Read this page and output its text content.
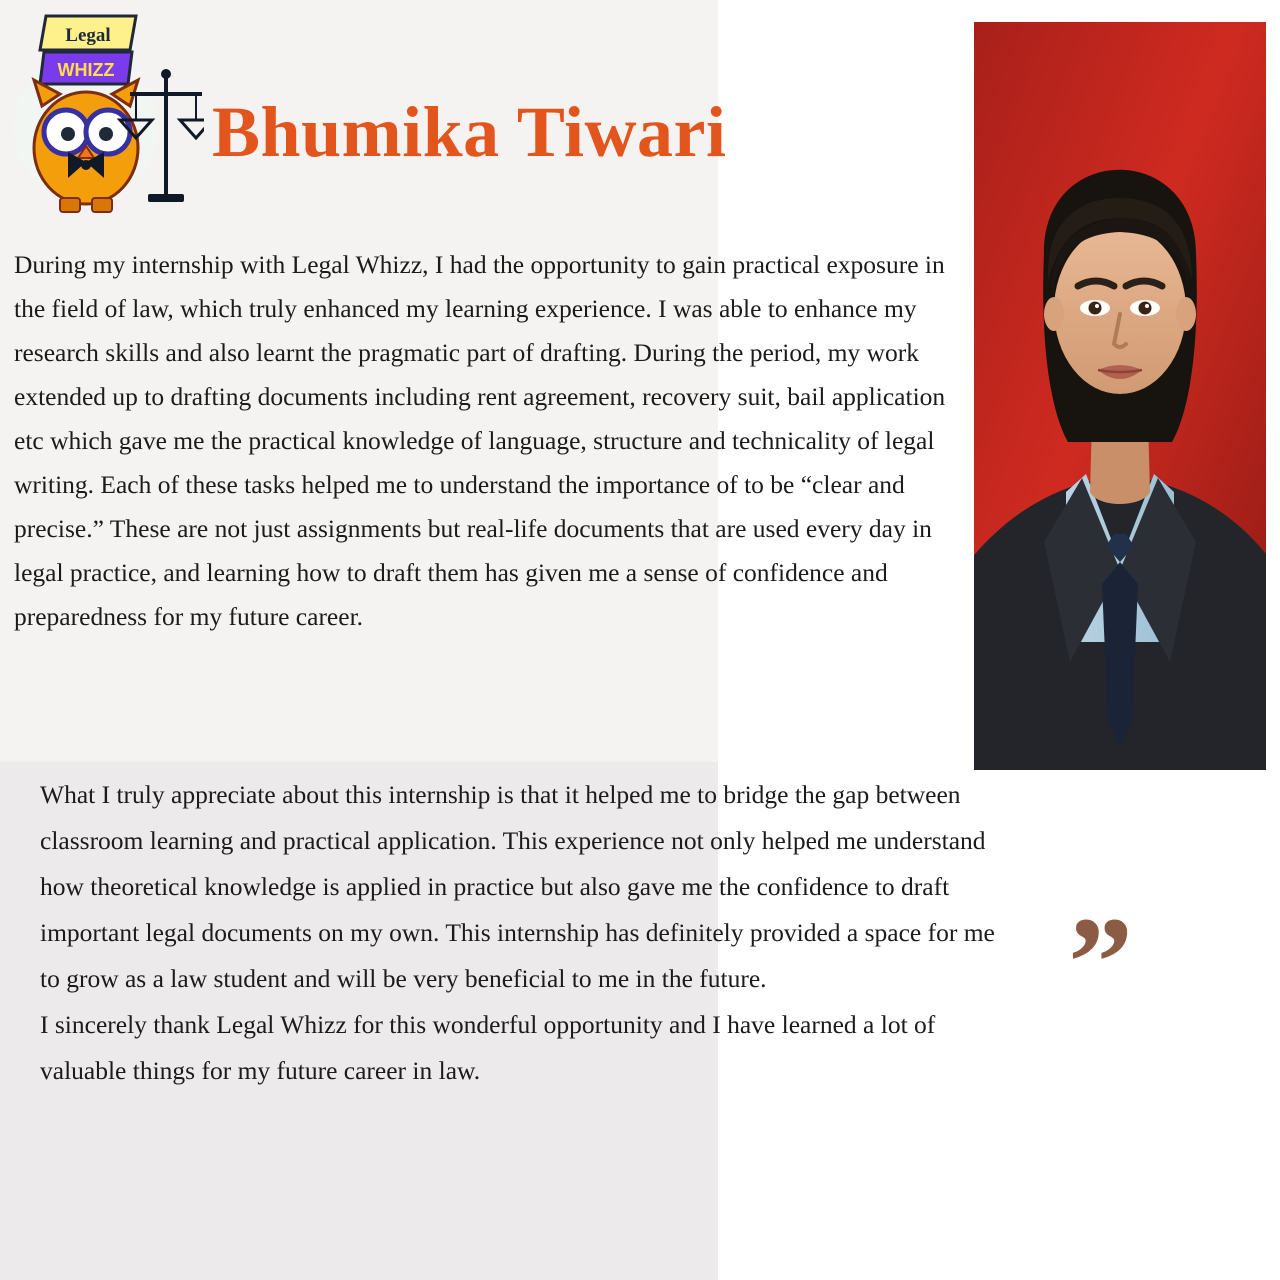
Legal
WHIZZ
Bhumika Tiwari
During my internship with Legal Whizz, I had the opportunity to gain practical exposure in the field of law, which truly enhanced my learning experience. I was able to enhance my research skills and also learnt the pragmatic part of drafting. During the period, my work extended up to drafting documents including rent agreement, recovery suit, bail application etc which gave me the practical knowledge of language, structure and technicality of legal writing. Each of these tasks helped me to understand the importance of to be “clear and precise.” These are not just assignments but real-life documents that are used every day in legal practice, and learning how to draft them has given me a sense of confidence and preparedness for my future career.
What I truly appreciate about this internship is that it helped me to bridge the gap between classroom learning and practical application. This experience not only helped me understand how theoretical knowledge is applied in practice but also gave me the confidence to draft important legal documents on my own. This internship has definitely provided a space for me to grow as a law student and will be very beneficial to me in the future.
I sincerely thank Legal Whizz for this wonderful opportunity and I have learned a lot of valuable things for my future career in law.
”
